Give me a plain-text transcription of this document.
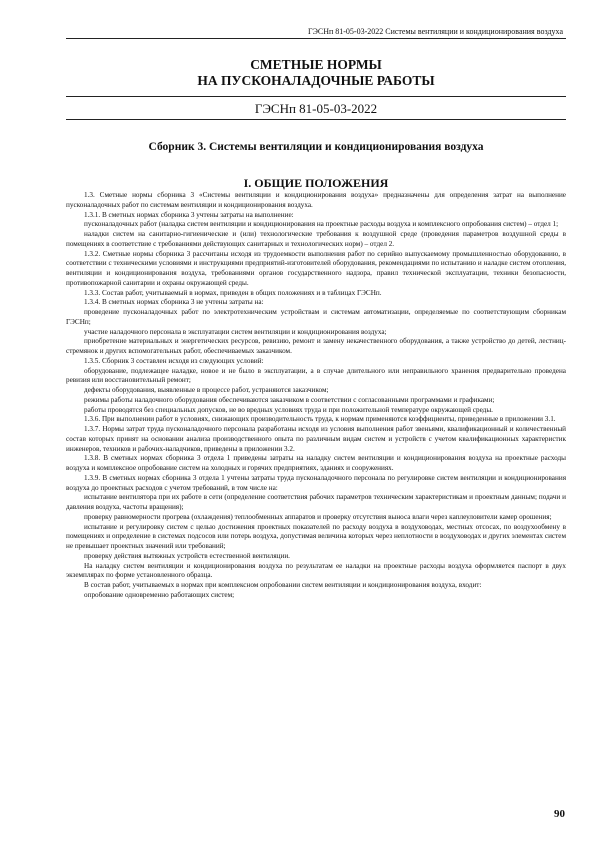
ГЭСНп 81-05-03-2022 Системы вентиляции и кондиционирования воздуха
СМЕТНЫЕ НОРМЫ
НА ПУСКОНАЛАДОЧНЫЕ РАБОТЫ
ГЭСНп 81-05-03-2022
Сборник 3. Системы вентиляции и кондиционирования воздуха
I. ОБЩИЕ ПОЛОЖЕНИЯ

1.3. Сметные нормы сборника 3 «Системы вентиляции и кондиционирования воздуха» предназначены для определения затрат на выполнение пусконаладочных работ по системам вентиляции и кондиционирования воздуха.

1.3.1. В сметных нормах сборника 3 учтены затраты на выполнение:

пусконаладочных работ (наладка систем вентиляции и кондиционирования на проектные расходы воздуха и комплексного опробования систем) – отдел 1;

наладки систем на санитарно-гигиенические и (или) технологические требования к воздушной среде (проведения параметров воздушной среды в помещениях в соответствие с требованиями действующих санитарных и технологических норм) – отдел 2.

1.3.2. Сметные нормы сборника 3 рассчитаны исходя из трудоемкости выполнения работ по серийно выпускаемому промышленностью оборудованию, в соответствии с техническими условиями и инструкциями предприятий-изготовителей оборудования, рекомендациями по испытанию и наладке систем отопления, вентиляции и кондиционирования воздуха, требованиями органов государственного надзора, правил технической эксплуатации, техники безопасности, противопожарной санитарии и охраны окружающей среды.

1.3.3. Состав работ, учитываемый в нормах, приведен в общих положениях и в таблицах ГЭСНп.

1.3.4. В сметных нормах сборника 3 не учтены затраты на:

проведение пусконаладочных работ по электротехническим устройствам и системам автоматизации, определяемые по соответствующим сборникам ГЭСНп;

участие наладочного персонала в эксплуатации систем вентиляции и кондиционирования воздуха;

приобретение материальных и энергетических ресурсов, ревизию, ремонт и замену некачественного оборудования, а также устройство до детей, лестниц-стремянок и других вспомогательных работ, обеспечиваемых заказчиком.

1.3.5. Сборник 3 составлен исходя из следующих условий:

оборудование, подлежащее наладке, новое и не было в эксплуатации, а в случае длительного или неправильного хранения предварительно проведена ревизия или восстановительный ремонт;

дефекты оборудования, выявленные в процессе работ, устраняются заказчиком;

режимы работы наладочного оборудования обеспечиваются заказчиком в соответствии с согласованными программами и графиками;

работы проводятся без специальных допусков, не во вредных условиях труда и при положительной температуре окружающей среды.

1.3.6. При выполнении работ в условиях, снижающих производительность труда, к нормам применяются коэффициенты, приведенные в приложении 3.1.

1.3.7. Нормы затрат труда пусконаладочного персонала разработаны исходя из условия выполнения работ звеньями, квалификационный и количественный состав которых принят на основании анализа производственного опыта по различным видам систем и устройств с учетом квалификационных характеристик инженеров, техников и рабочих-наладчиков, приведены в приложении 3.2.

1.3.8. В сметных нормах сборника 3 отдела 1 приведены затраты на наладку систем вентиляции и кондиционирования воздуха на проектные расходы воздуха и комплексное опробование систем на холодных и горячих предприятиях, зданиях и сооружениях.

1.3.9. В сметных нормах сборника 3 отдела 1 учтены затраты труда пусконаладочного персонала по регулировке систем вентиляции и кондиционирования воздуха до проектных расходов с учетом требований, в том числе на:

испытание вентилятора при их работе в сети (определение соответствия рабочих параметров техническим характеристикам и проектным данным; подачи и давления воздуха, частоты вращения);

проверку равномерности прогрева (охлаждения) теплообменных аппаратов и проверку отсутствия выноса влаги через каплеуловители камер орошения;

испытание и регулировку систем с целью достижения проектных показателей по расходу воздуха в воздуховодах, местных отсосах, по воздухообмену в помещениях и определение в системах подсосов или потерь воздуха, допустимая величина которых через неплотности в воздуховодах и других элементах систем не превышает проектных значений или требований;

проверку действия вытяжных устройств естественной вентиляции.

На наладку систем вентиляции и кондиционирования воздуха по результатам ее наладки на проектные расходы воздуха оформляется паспорт в двух экземплярах по форме установленного образца.

В состав работ, учитываемых в нормах при комплексном опробовании систем вентиляции и кондиционирования воздуха, входит:

опробование одновременно работающих систем;

90
